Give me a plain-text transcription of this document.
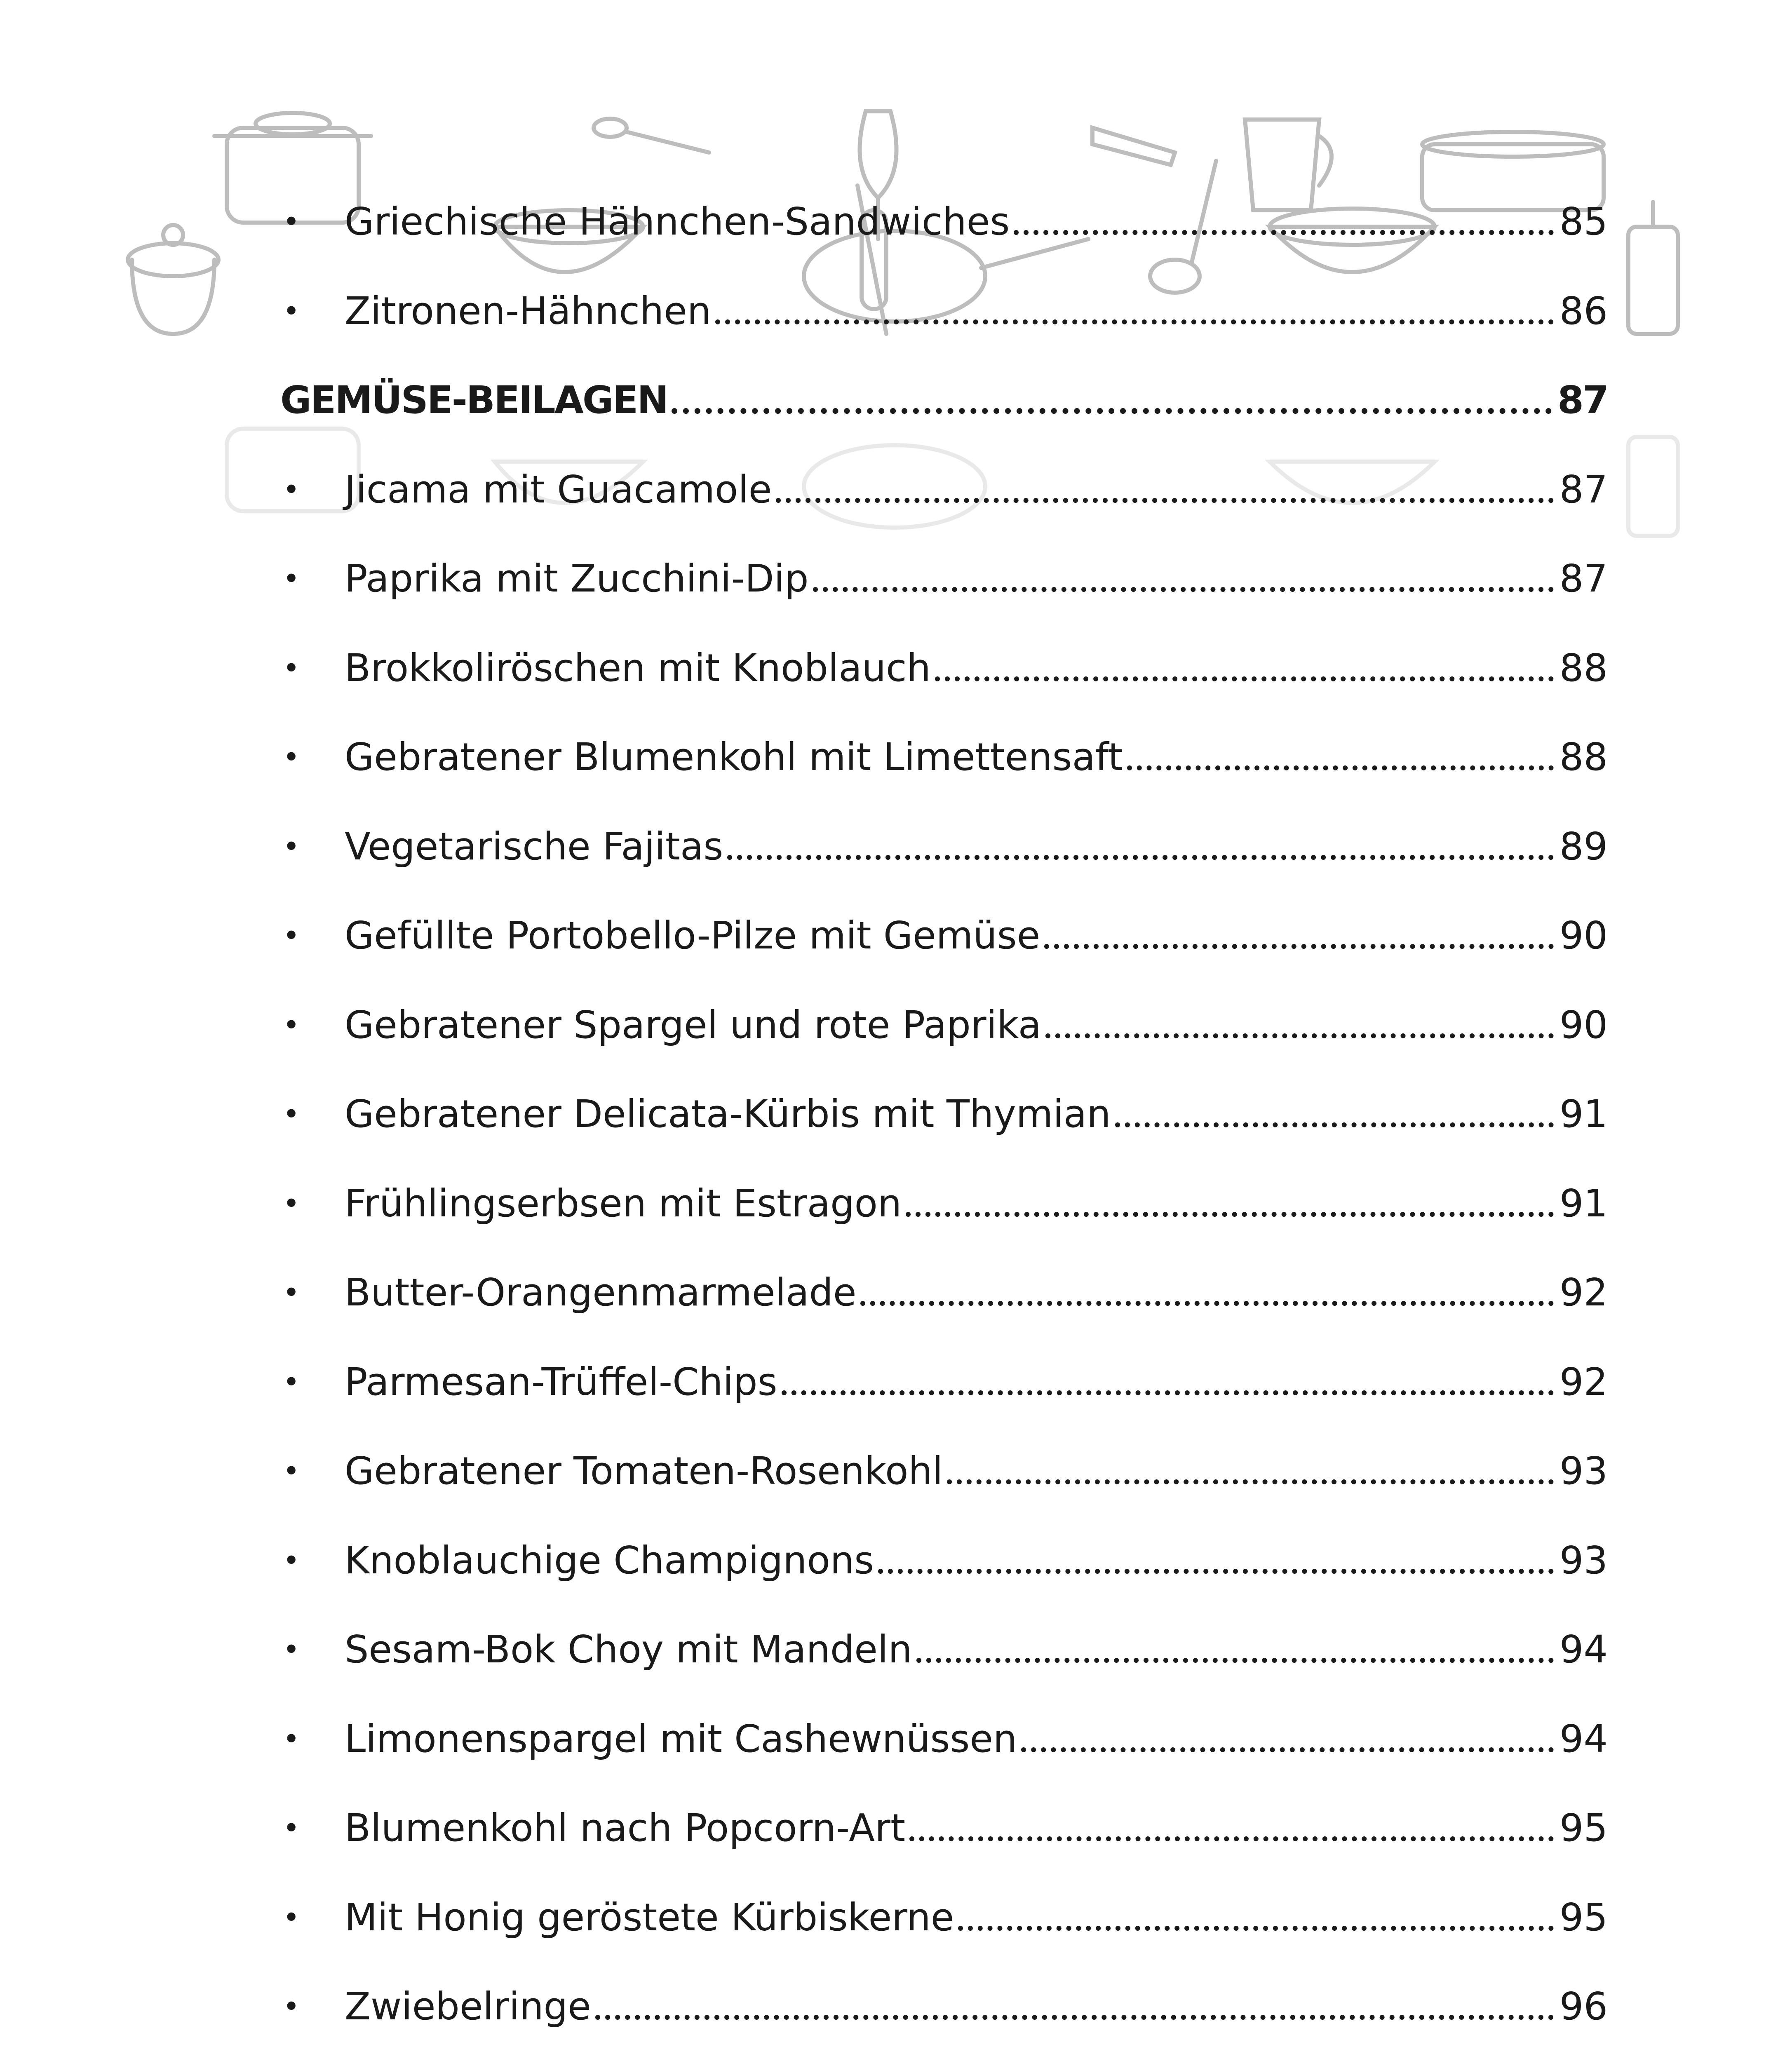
•	Griechische Hähnchen-Sandwiches	85
•	Zitronen-Hähnchen	86
GEMÜSE-BEILAGEN	87
•	Jicama mit Guacamole	87
•	Paprika mit Zucchini-Dip	87
•	Brokkoliröschen mit Knoblauch	88
•	Gebratener Blumenkohl mit Limettensaft	88
•	Vegetarische Fajitas	89
•	Gefüllte Portobello-Pilze mit Gemüse	90
•	Gebratener Spargel und rote Paprika	90
•	Gebratener Delicata-Kürbis mit Thymian	91
•	Frühlingserbsen mit Estragon	91
•	Butter-Orangenmarmelade	92
•	Parmesan-Trüffel-Chips	92
•	Gebratener Tomaten-Rosenkohl	93
•	Knoblauchige Champignons	93
•	Sesam-Bok Choy mit Mandeln	94
•	Limonenspargel mit Cashewnüssen	94
•	Blumenkohl nach Popcorn-Art	95
•	Mit Honig geröstete Kürbiskerne	95
•	Zwiebelringe	96
